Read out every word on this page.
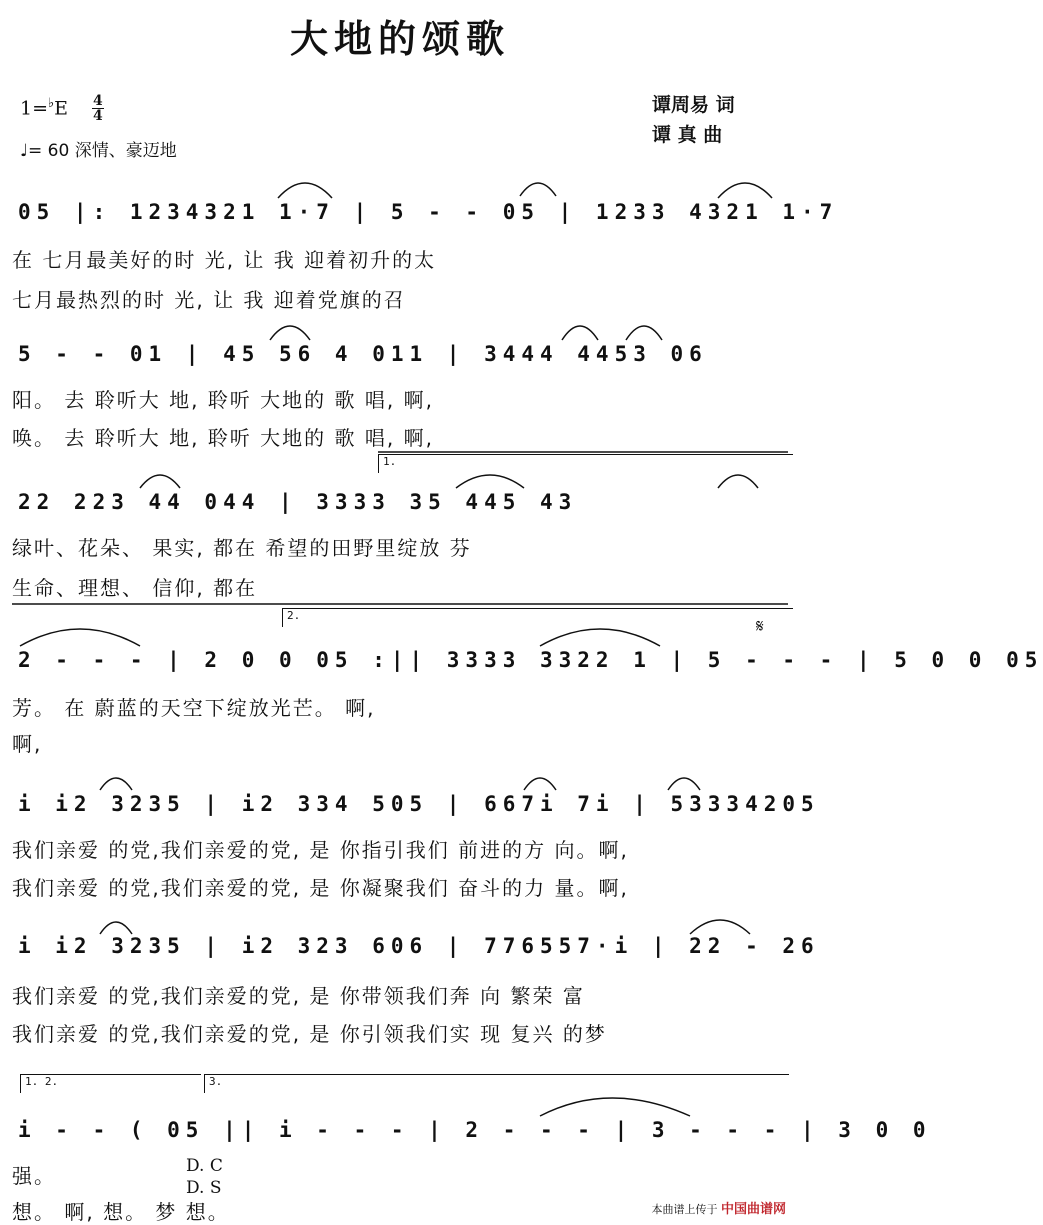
大地的颂歌
1=♭E 4
4
♩= 60 深情、豪迈地
谭周易 词
谭 真 曲
05 |: 1234321 1·7 | 5 - - 05 | 1233 4321 1·7
在 七月最美好的时 光, 让 我 迎着初升的太
七月最热烈的时 光, 让 我 迎着党旗的召
5 - - 01 | 45 56 4 011 | 3444 4453 06
阳。 去 聆听大 地, 聆听 大地的 歌 唱, 啊,
唤。 去 聆听大 地, 聆听 大地的 歌 唱, 啊,
1.
22 223 44 044 | 3333 35 445 43
绿叶、花朵、 果实, 都在 希望的田野里绽放 芬
生命、理想、 信仰, 都在
2.
𝄋
2 - - - | 2 0 0 05 :|| 3333 3322 1 | 5 - - - | 5 0 0 05
芳。 在 蔚蓝的天空下绽放光芒。 啊,
啊,
i i2 3235 | i2 334 505 | 667i 7i | 53334205
我们亲爱 的党,我们亲爱的党, 是 你指引我们 前进的方 向。啊,
我们亲爱 的党,我们亲爱的党, 是 你凝聚我们 奋斗的力 量。啊,
i i2 3235 | i2 323 606 | 776557·i | 22 - 26
我们亲爱 的党,我们亲爱的党, 是 你带领我们奔 向 繁荣 富
我们亲爱 的党,我们亲爱的党, 是 你引领我们实 现 复兴 的梦
1. 2.	3.
i - - ( 05 || i - - - | 2 - - - | 3 - - - | 3 0 0
强。	D. C
D. S
想。 啊, 想。 梦 想。	本曲谱上传于 中国曲谱网
